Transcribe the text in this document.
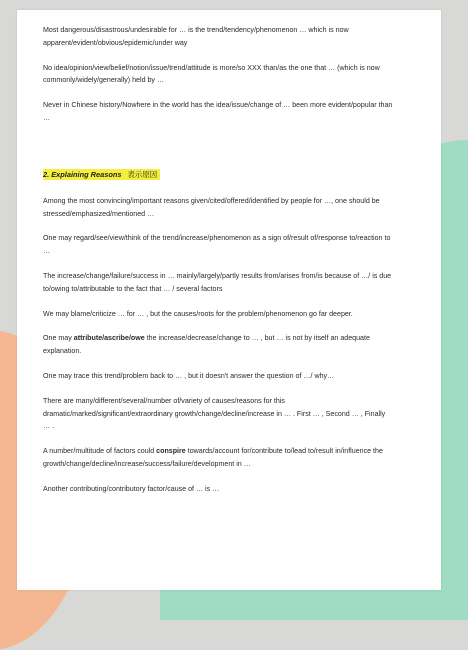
Most dangerous/disastrous/undesirable for … is the trend/tendency/phenomenon … which is now apparent/evident/obvious/epidemic/under way

No idea/opinion/view/belief/notion/issue/trend/attitude is more/so XXX than/as the one that … (which is now commonly/widely/generally) held by …

Never in Chinese history/Nowhere in the world has the idea/issue/change of … been more evident/popular than …

2. Explaining Reasons 表示原因

Among the most convincing/important reasons given/cited/offered/identified by people for …, one should be stressed/emphasized/mentioned …

One may regard/see/view/think of the trend/increase/phenomenon as a sign of/result of/response to/reaction to …

The increase/change/failure/success in … mainly/largely/partly results from/arises from/is because of …/ is due to/owing to/attributable to the fact that … / several factors

We may blame/criticize … for … , but the causes/roots for the problem/phenomenon go far deeper.

One may attribute/ascribe/owe the increase/decrease/change to … , but … is not by itself an adequate explanation.

One may trace this trend/problem back to … , but it doesn't answer the question of …/ why…

There are many/different/several/number of/variety of causes/reasons for this dramatic/marked/significant/extraordinary growth/change/decline/increase in … . First … , Second … , Finally … .

A number/multitude of factors could conspire towards/account for/contribute to/lead to/result in/influence the growth/change/decline/increase/success/failure/development in …

Another contributing/contributory factor/cause of … is …
